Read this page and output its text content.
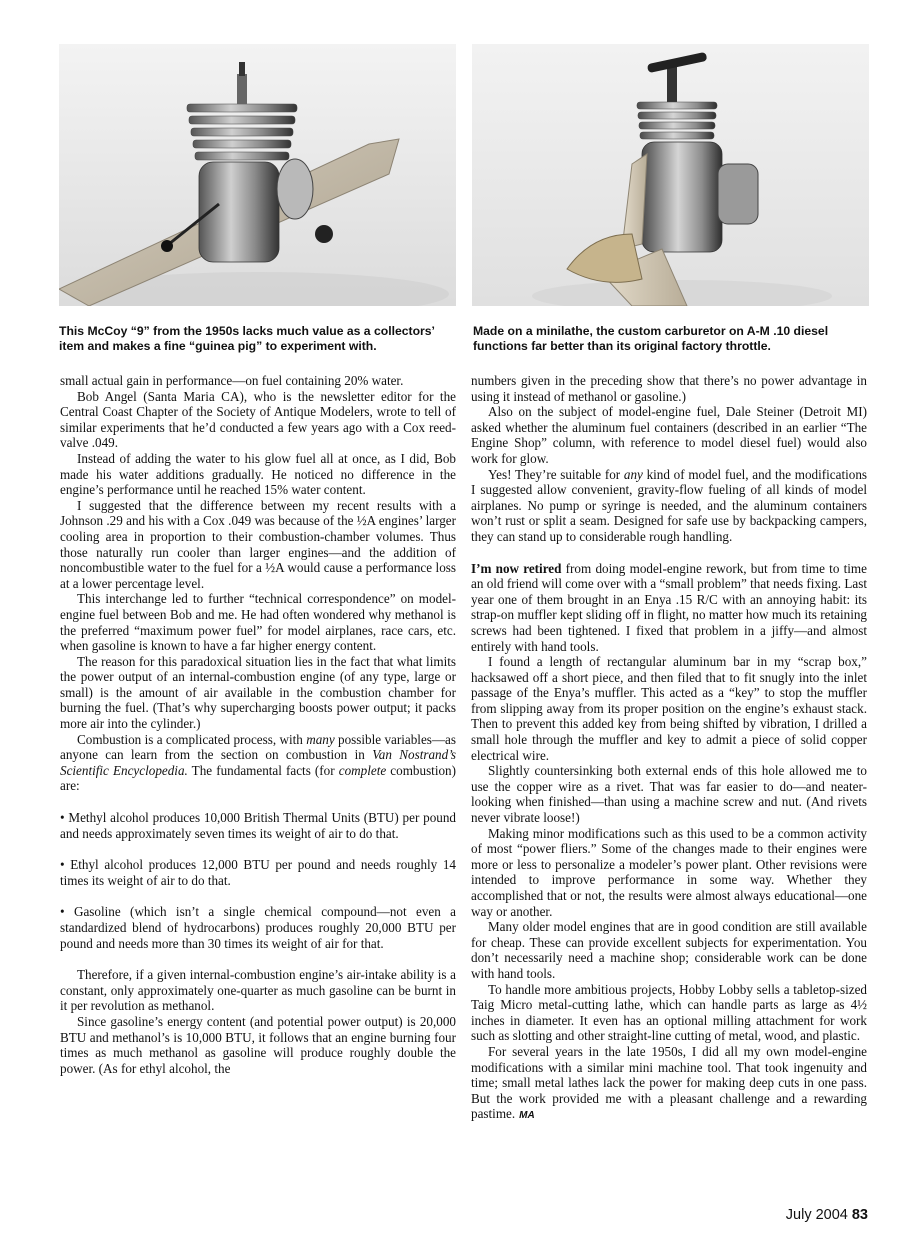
This McCoy “9” from the 1950s lacks much value as a collectors’ item and makes a fine “guinea pig” to experiment with.
Made on a minilathe, the custom carburetor on A-M .10 diesel functions far better than its original factory throttle.

small actual gain in performance—on fuel containing 20% water.

Bob Angel (Santa Maria CA), who is the newsletter editor for the Central Coast Chapter of the Society of Antique Modelers, wrote to tell of similar experiments that he’d conducted a few years ago with a Cox reed-valve .049.

Instead of adding the water to his glow fuel all at once, as I did, Bob made his water additions gradually. He noticed no difference in the engine’s performance until he reached 15% water content.

I suggested that the difference between my recent results with a Johnson .29 and his with a Cox .049 was because of the ½A engines’ larger cooling area in proportion to their combustion-chamber volumes. Thus those naturally run cooler than larger engines—and the addition of noncombustible water to the fuel for a ½A would cause a performance loss at a lower percentage level.

This interchange led to further “technical correspondence” on model-engine fuel between Bob and me. He had often wondered why methanol is the preferred “maximum power fuel” for model airplanes, race cars, etc. when gasoline is known to have a far higher energy content.

The reason for this paradoxical situation lies in the fact that what limits the power output of an internal-combustion engine (of any type, large or small) is the amount of air available in the combustion chamber for burning the fuel. (That’s why supercharging boosts power output; it packs more air into the cylinder.)

Combustion is a complicated process, with many possible variables—as anyone can learn from the section on combustion in Van Nostrand’s Scientific Encyclopedia. The fundamental facts (for complete combustion) are:

• Methyl alcohol produces 10,000 British Thermal Units (BTU) per pound and needs approximately seven times its weight of air to do that.

• Ethyl alcohol produces 12,000 BTU per pound and needs roughly 14 times its weight of air to do that.

• Gasoline (which isn’t a single chemical compound—not even a standardized blend of hydrocarbons) produces roughly 20,000 BTU per pound and needs more than 30 times its weight of air for that.

Therefore, if a given internal-combustion engine’s air-intake ability is a constant, only approximately one-quarter as much gasoline can be burnt in it per revolution as methanol.

Since gasoline’s energy content (and potential power output) is 20,000 BTU and methanol’s is 10,000 BTU, it follows that an engine burning four times as much methanol as gasoline will produce roughly double the power. (As for ethyl alcohol, the

numbers given in the preceding show that there’s no power advantage in using it instead of methanol or gasoline.)

Also on the subject of model-engine fuel, Dale Steiner (Detroit MI) asked whether the aluminum fuel containers (described in an earlier “The Engine Shop” column, with reference to model diesel fuel) would also work for glow.

Yes! They’re suitable for any kind of model fuel, and the modifications I suggested allow convenient, gravity-flow fueling of all kinds of model airplanes. No pump or syringe is needed, and the aluminum containers won’t rust or split a seam. Designed for safe use by backpacking campers, they can stand up to considerable rough handling.

I’m now retired from doing model-engine rework, but from time to time an old friend will come over with a “small problem” that needs fixing. Last year one of them brought in an Enya .15 R/C with an annoying habit: its strap-on muffler kept sliding off in flight, no matter how much its retaining screws had been tightened. I fixed that problem in a jiffy—and almost entirely with hand tools.

I found a length of rectangular aluminum bar in my “scrap box,” hacksawed off a short piece, and then filed that to fit snugly into the inlet passage of the Enya’s muffler. This acted as a “key” to stop the muffler from slipping away from its proper position on the engine’s exhaust stack. Then to prevent this added key from being shifted by vibration, I drilled a small hole through the muffler and key to admit a piece of solid copper electrical wire.

Slightly countersinking both external ends of this hole allowed me to use the copper wire as a rivet. That was far easier to do—and neater-looking when finished—than using a machine screw and nut. (And rivets never vibrate loose!)

Making minor modifications such as this used to be a common activity of most “power fliers.” Some of the changes made to their engines were more or less to personalize a modeler’s power plant. Other revisions were intended to improve performance in some way. Whether they accomplished that or not, the results were almost always educational—one way or another.

Many older model engines that are in good condition are still available for cheap. These can provide excellent subjects for experimentation. You don’t necessarily need a machine shop; considerable work can be done with hand tools.

To handle more ambitious projects, Hobby Lobby sells a tabletop-sized Taig Micro metal-cutting lathe, which can handle parts as large as 4½ inches in diameter. It even has an optional milling attachment for work such as slotting and other straight-line cutting of metal, wood, and plastic.

For several years in the late 1950s, I did all my own model-engine modifications with a similar mini machine tool. That took ingenuity and time; small metal lathes lack the power for making deep cuts in one pass. But the work provided me with a pleasant challenge and a rewarding pastime. MA

July 2004 83
